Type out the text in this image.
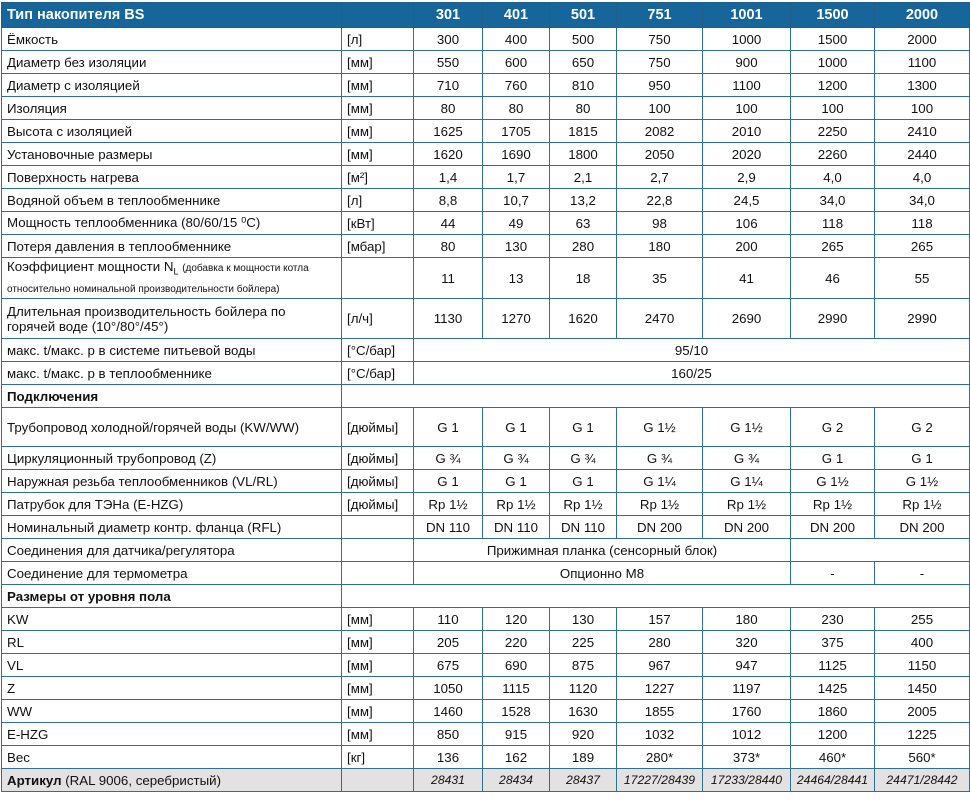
Тип накопителя BS		301	401	501	751	1001	1500	2000
Ёмкость	[л]	300	400	500	750	1000	1500	2000
Диаметр без изоляции	[мм]	550	600	650	750	900	1000	1100
Диаметр с изоляцией	[мм]	710	760	810	950	1100	1200	1300
Изоляция	[мм]	80	80	80	100	100	100	100
Высота с изоляцией	[мм]	1625	1705	1815	2082	2010	2250	2410
Установочные размеры	[мм]	1620	1690	1800	2050	2020	2260	2440
Поверхность нагрева	[м²]	1,4	1,7	2,1	2,7	2,9	4,0	4,0
Водяной объем в теплообменнике	[л]	8,8	10,7	13,2	22,8	24,5	34,0	34,0
Мощность теплообменника (80/60/15 ⁰C)	[кВт]	44	49	63	98	106	118	118
Потеря давления в теплообменнике	[мбар]	80	130	280	180	200	265	265
Коэффициент мощности $N_L$ (добавка к мощности котла
относительно номинальной производительности бойлера)		11	13	18	35	41	46	55
Длительная производительность бойлера по
горячей воде (10°/80°/45°)	[л/ч]	1130	1270	1620	2470	2690	2990	2990
макс. t/макс. p в системе питьевой воды	[°C/бар]	95/10						
макс. t/макс. p в теплообменнике	[°C/бар]	160/25						
Подключения								
Трубопровод холодной/горячей воды (KW/WW)	[дюймы]	G 1	G 1	G 1	G 1½	G 1½	G 2	G 2
Циркуляционный трубопровод (Z)	[дюймы]	G ¾	G ¾	G ¾	G ¾	G ¾	G 1	G 1
Наружная резьба теплообменников (VL/RL)	[дюймы]	G 1	G 1	G 1	G 1¼	G 1¼	G 1½	G 1½
Патрубок для ТЭНа (E-HZG)	[дюймы]	Rp 1½	Rp 1½	Rp 1½	Rp 1½	Rp 1½	Rp 1½	Rp 1½
Номинальный диаметр контр. фланца (RFL)		DN 110	DN 110	DN 110	DN 200	DN 200	DN 200	DN 200
Соединения для датчика/регулятора		Прижимная планка (сенсорный блок)						
Соединение для термометра		Опционно M8					-	-
Размеры от уровня пола								
KW	[мм]	110	120	130	157	180	230	255
RL	[мм]	205	220	225	280	320	375	400
VL	[мм]	675	690	875	967	947	1125	1150
Z	[мм]	1050	1115	1120	1227	1197	1425	1450
WW	[мм]	1460	1528	1630	1855	1760	1860	2005
E-HZG	[мм]	850	915	920	1032	1012	1200	1225
Вес	[кг]	136	162	189	280*	373*	460*	560*
Артикул (RAL 9006, серебристый)		28431	28434	28437	17227/28439	17233/28440	24464/28441	24471/28442
